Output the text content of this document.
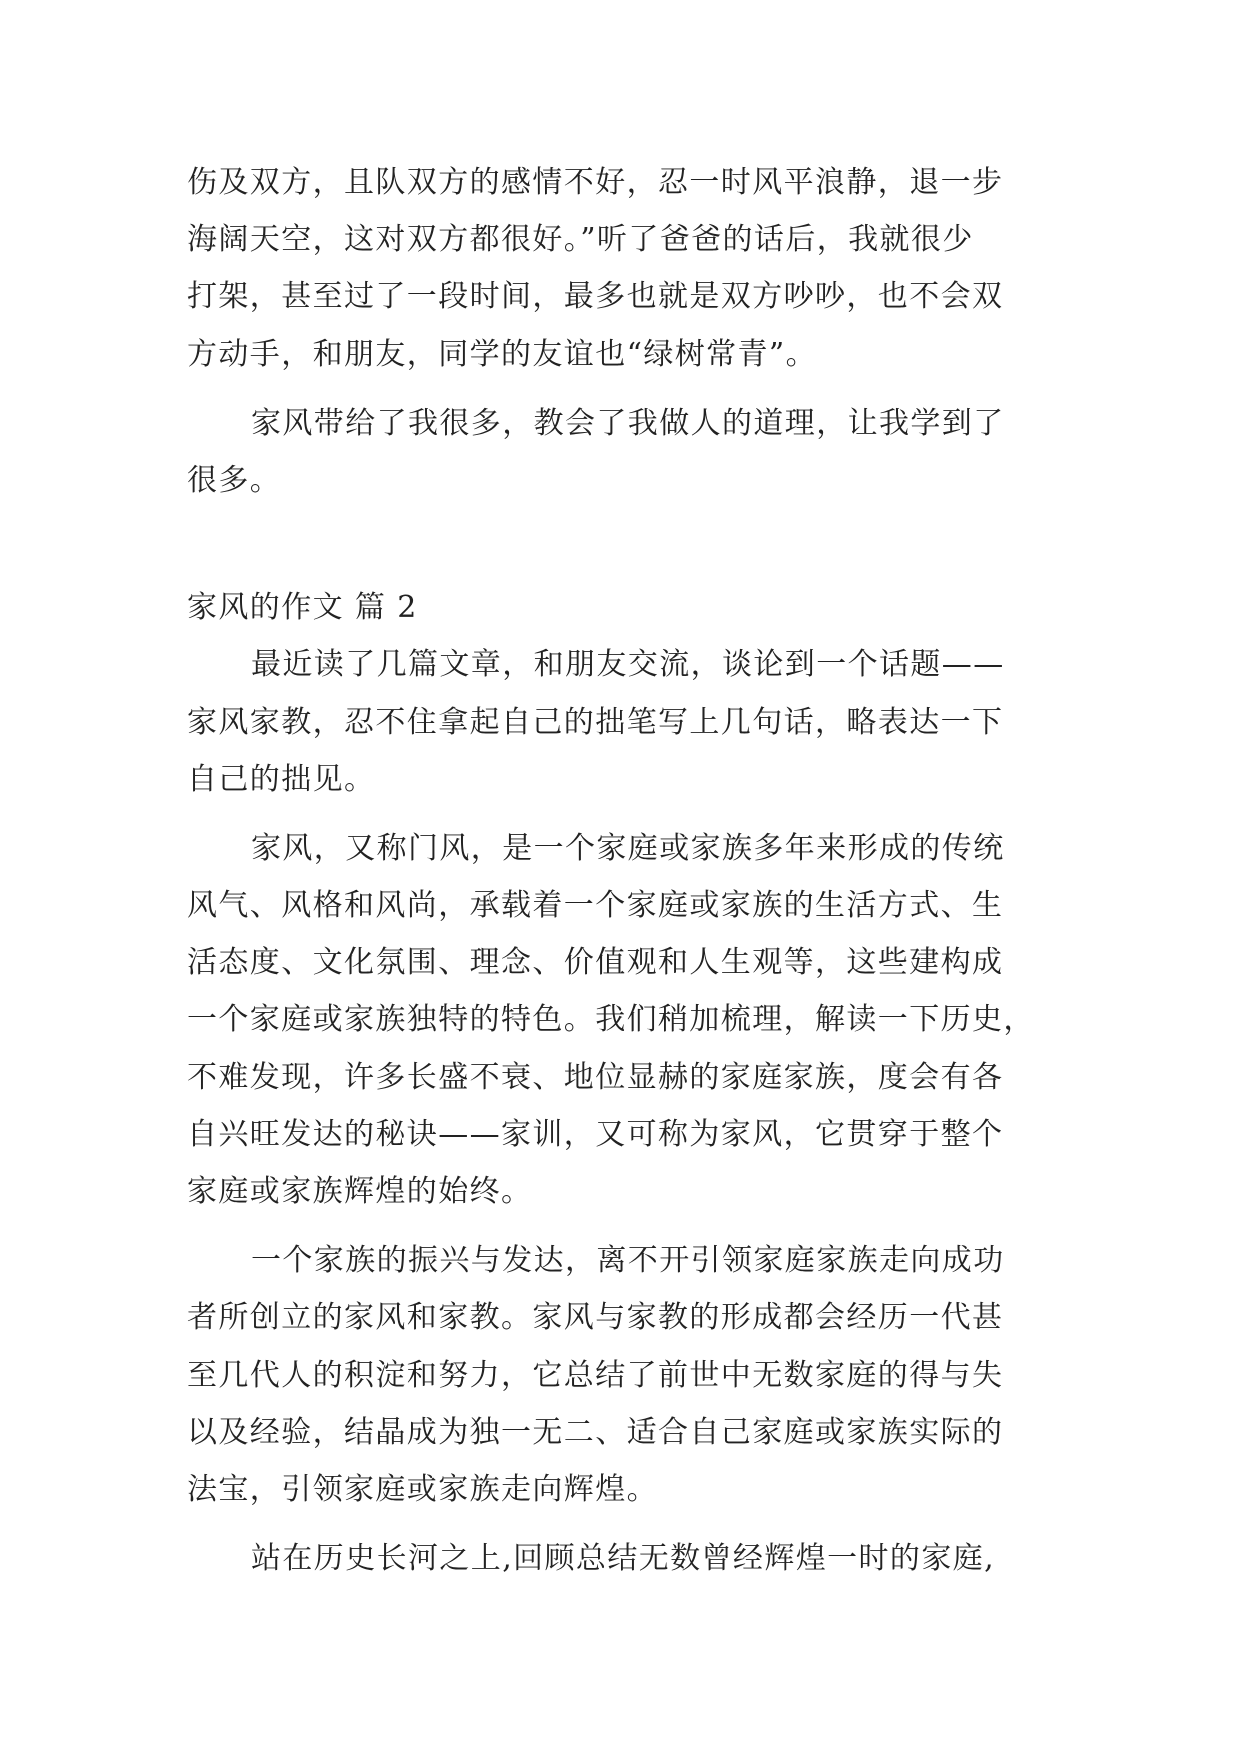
伤及双方，且队双方的感情不好，忍一时风平浪静，退一步
海阔天空，这对双方都很好。”听了爸爸的话后，我就很少
打架，甚至过了一段时间，最多也就是双方吵吵，也不会双
方动手，和朋友，同学的友谊也“绿树常青”。
家风带给了我很多，教会了我做人的道理，让我学到了
很多。
家风的作文 篇 2
最近读了几篇文章，和朋友交流，谈论到一个话题——
家风家教，忍不住拿起自己的拙笔写上几句话，略表达一下
自己的拙见。
家风，又称门风，是一个家庭或家族多年来形成的传统
风气、风格和风尚，承载着一个家庭或家族的生活方式、生
活态度、文化氛围、理念、价值观和人生观等，这些建构成
一个家庭或家族独特的特色。我们稍加梳理，解读一下历史，
不难发现，许多长盛不衰、地位显赫的家庭家族，度会有各
自兴旺发达的秘诀——家训，又可称为家风，它贯穿于整个
家庭或家族辉煌的始终。
一个家族的振兴与发达，离不开引领家庭家族走向成功
者所创立的家风和家教。家风与家教的形成都会经历一代甚
至几代人的积淀和努力，它总结了前世中无数家庭的得与失
以及经验，结晶成为独一无二、适合自己家庭或家族实际的
法宝，引领家庭或家族走向辉煌。
站在历史长河之上,回顾总结无数曾经辉煌一时的家庭,
